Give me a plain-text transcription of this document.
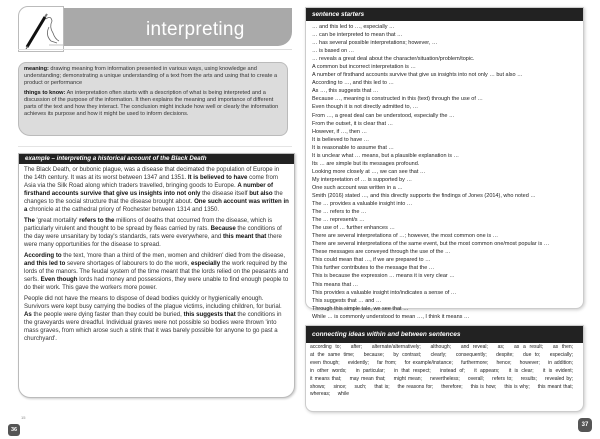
interpreting

meaning: drawing meaning from information presented in various ways, using knowledge and understanding; demonstrating a unique understanding of a text from the arts and using that to create a product or performance

things to know: An interpretation often starts with a description of what is being interpreted and a discussion of the purpose of the information. It then explains the meaning and importance of different parts of the text and how they interact. The conclusion might include how well or clearly the information achieves its purpose and how it might be used to inform decisions.

example – interpreting a historical account of the Black Death

The Black Death, or bubonic plague, was a disease that decimated the population of Europe in the 14th century. It was at its worst between 1347 and 1351. It is believed to have come from Asia via the Silk Road along which traders travelled, bringing goods to Europe. A number of firsthand accounts survive that give us insights into not only the disease itself but also the changes to the social structure that the disease brought about. One such account was written in a chronicle at the cathedral priory of Rochester between 1314 and 1350.

The 'great mortality' refers to the millions of deaths that occurred from the disease, which is particularly virulent and thought to be spread by fleas carried by rats. Because the conditions of the day were unsanitary by today's standards, rats were everywhere, and this meant that there were many opportunities for the disease to spread.

According to the text, 'more than a third of the men, women and children' died from the disease, and this led to severe shortages of labourers to do the work, especially the work required by the lords of the manors. The feudal system of the time meant that the lords relied on the peasants and serfs. Even though lords had money and possessions, they were unable to find enough people to do their work. This gave the workers more power.

People did not have the means to dispose of dead bodies quickly or hygienically enough. Survivors were kept busy carrying the bodies of the plague victims, including children, for burial. As the people were dying faster than they could be buried, this suggests that the conditions in the graveyards were dreadful. Individual graves were not possible so bodies were thrown 'into mass graves, from which arose such a stink that it was barely possible for anyone to go past a churchyard'.

36
15
sentence starters
… and this led to …, especially …
… can be interpreted to mean that …
… has several possible interpretations; however, …
… is based on …
… reveals a great deal about the character/situation/problem/topic.
A common but incorrect interpretation is …
A number of firsthand accounts survive that give us insights into not only … but also …
According to …, and this led to …
As …, this suggests that …
Because …, meaning is constructed in this (text) through the use of …
Even though it is not directly admitted to, …
From …, a great deal can be understood, especially the …
From the outset, it is clear that …
However, if …, then …
It is believed to have …
It is reasonable to assume that …
It is unclear what … means, but a plausible explanation is …
Its … are simple but its messages profound.
Looking more closely at …, we can see that …
My interpretation of … is supported by …
One such account was written in a …
Smith (2016) stated …, and this directly supports the findings of Jones (2014), who noted …
The … provides a valuable insight into …
The … refers to the …
The … represent/s …
The use of … further enhances …
There are several interpretations of …; however, the most common one is …
There are several interpretations of the same event, but the most common one/most popular is …
These messages are conveyed through the use of the …
This could mean that …, if we are prepared to …
This further contributes to the message that the …
This is because the expression … means it is very clear …
This means that …
This provides a valuable insight into/indicates a sense of …
This suggests that … and …
Through this simple tale, we see that …
While … is commonly understood to mean …, I think it means …
connecting ideas within and between sentences
according to; after; alternate/alternatively; although; and reveal; as; as a result; as then; at the same time; because; by contrast; clearly; consequently; despite; due to; especially; even though; evidently; far from; for example/instance; furthermore; hence; however; in addition; in other words; in particular; in that respect; instead of; it appears; it is clear; it is evident; it means that; may mean that; might mean; nevertheless; overall; refers to; results; revealed by; shows; since; such; that is; the reasons for; therefore; this is how; this is why; this meant that; whereas; while
37
